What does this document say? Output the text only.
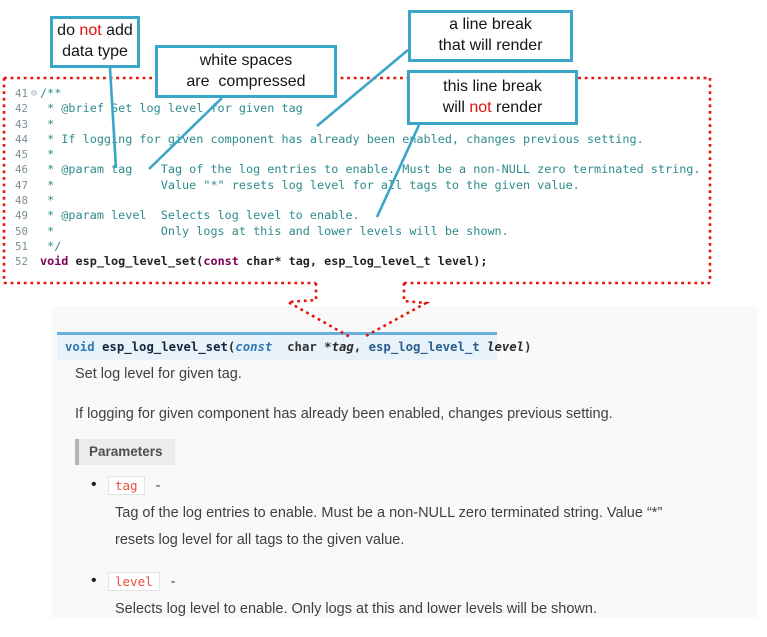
41 ⊖ /**
42 * @brief Set log level for given tag
43 *
44 * If logging for given component has already been enabled, changes previous setting.
45 *
46 * @param tag    Tag of the log entries to enable. Must be a non-NULL zero terminated string.
47 *               Value "*" resets log level for all tags to the given value.
48 *
49 * @param level  Selects log level to enable.
50 *               Only logs at this and lower levels will be shown.
51 */
52 void esp_log_level_set( const char* tag, esp_log_level_t level);
do not add
data type
white spaces
are  compressed
a line break
that will render
this line break
will not render
void esp_log_level_set(const char *tag, esp_log_level_t level)
Set log level for given tag.
If logging for given component has already been enabled, changes previous setting.
Parameters
• tag -
Tag of the log entries to enable. Must be a non-NULL zero terminated string. Value “*” resets log level for all tags to the given value.
• level -
Selects log level to enable. Only logs at this and lower levels will be shown.
